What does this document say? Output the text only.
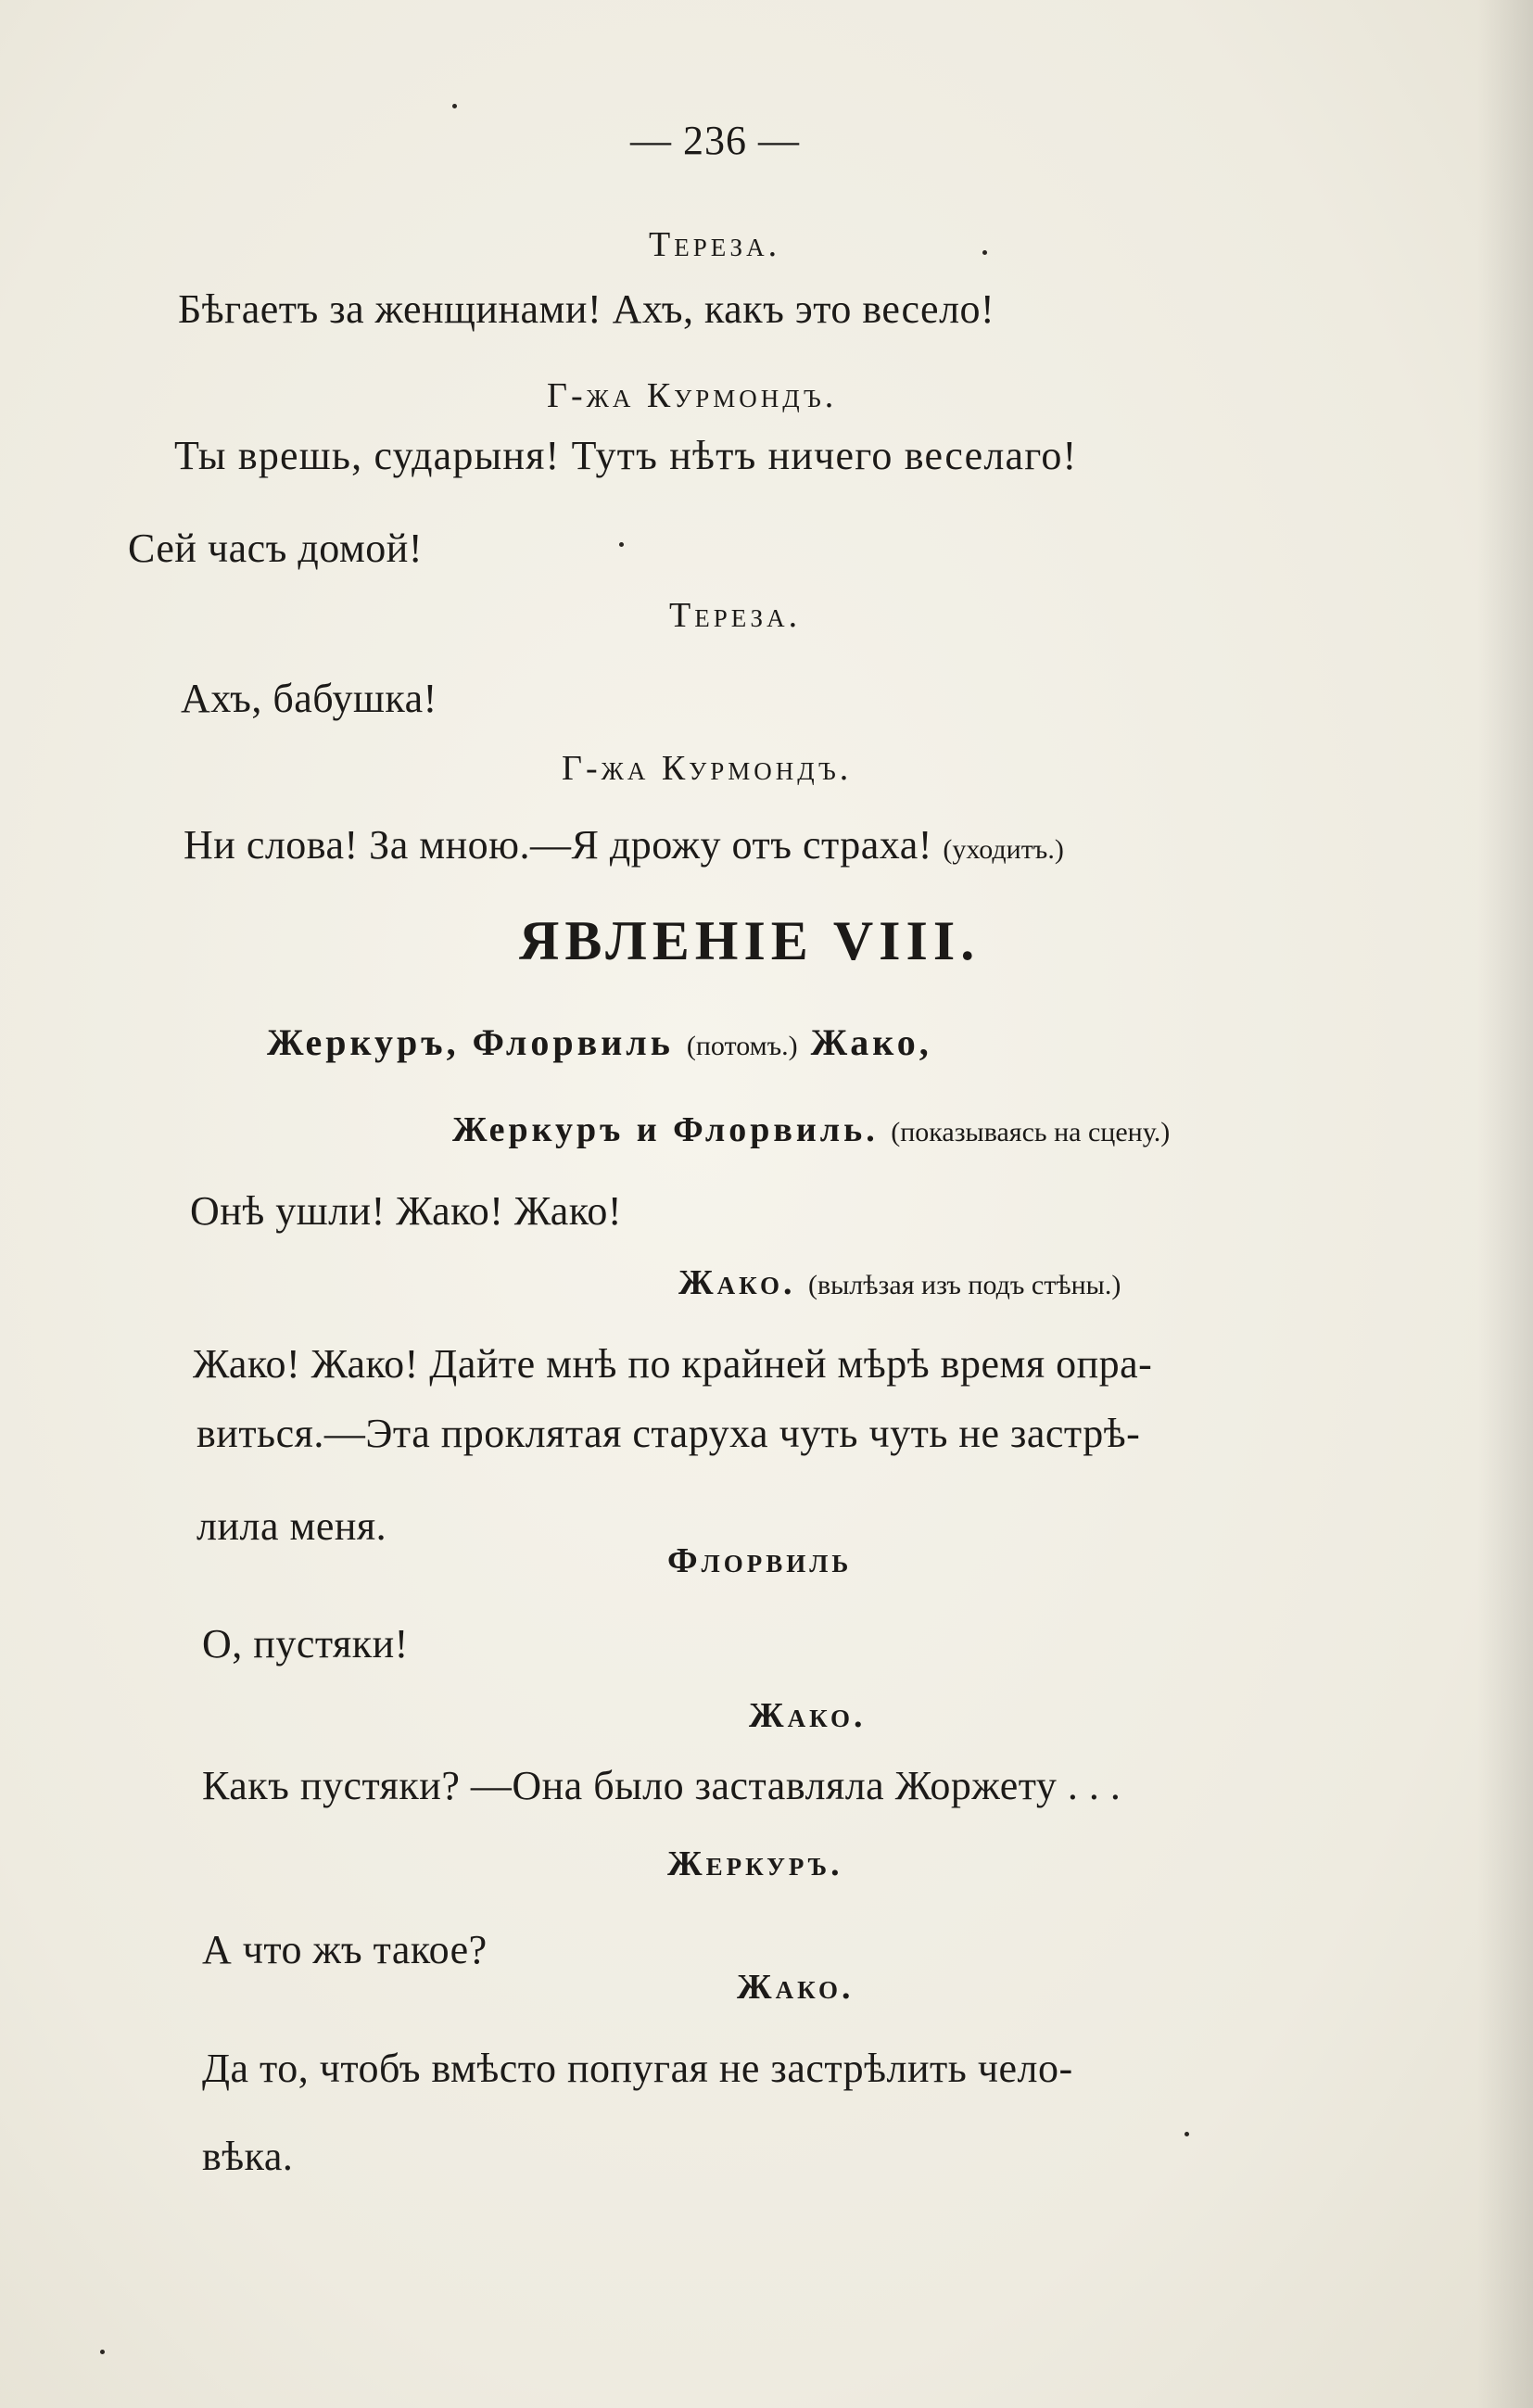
— 236 —
Тереза.
Бѣгаетъ за женщинами! Ахъ, какъ это весело!
Г-жа Курмондъ.
Ты врешь, сударыня! Тутъ нѣтъ ничего веселаго!
Сей часъ домой!
Тереза.
Ахъ, бабушка!
Г-жа Курмондъ.
Ни слова! За мною.—Я дрожу отъ страха! (уходитъ.)
ЯВЛЕНІЕ VIII.
Жеркуръ, Флорвиль (потомъ.) Жако,
Жеркуръ и Флорвиль. (показываясь на сцену.)
Онѣ ушли! Жако! Жако!
Жако. (вылѣзая изъ подъ стѣны.)
Жако! Жако! Дайте мнѣ по крайней мѣрѣ время опра-
виться.—Эта проклятая старуха чуть чуть не застрѣ-
лила меня.
Флорвиль
О, пустяки!
Жако.
Какъ пустяки? —Она было заставляла Жоржету . . .
Жеркуръ.
А что жъ такое?
Жако.
Да то, чтобъ вмѣсто попугая не застрѣлить чело-
вѣка.
